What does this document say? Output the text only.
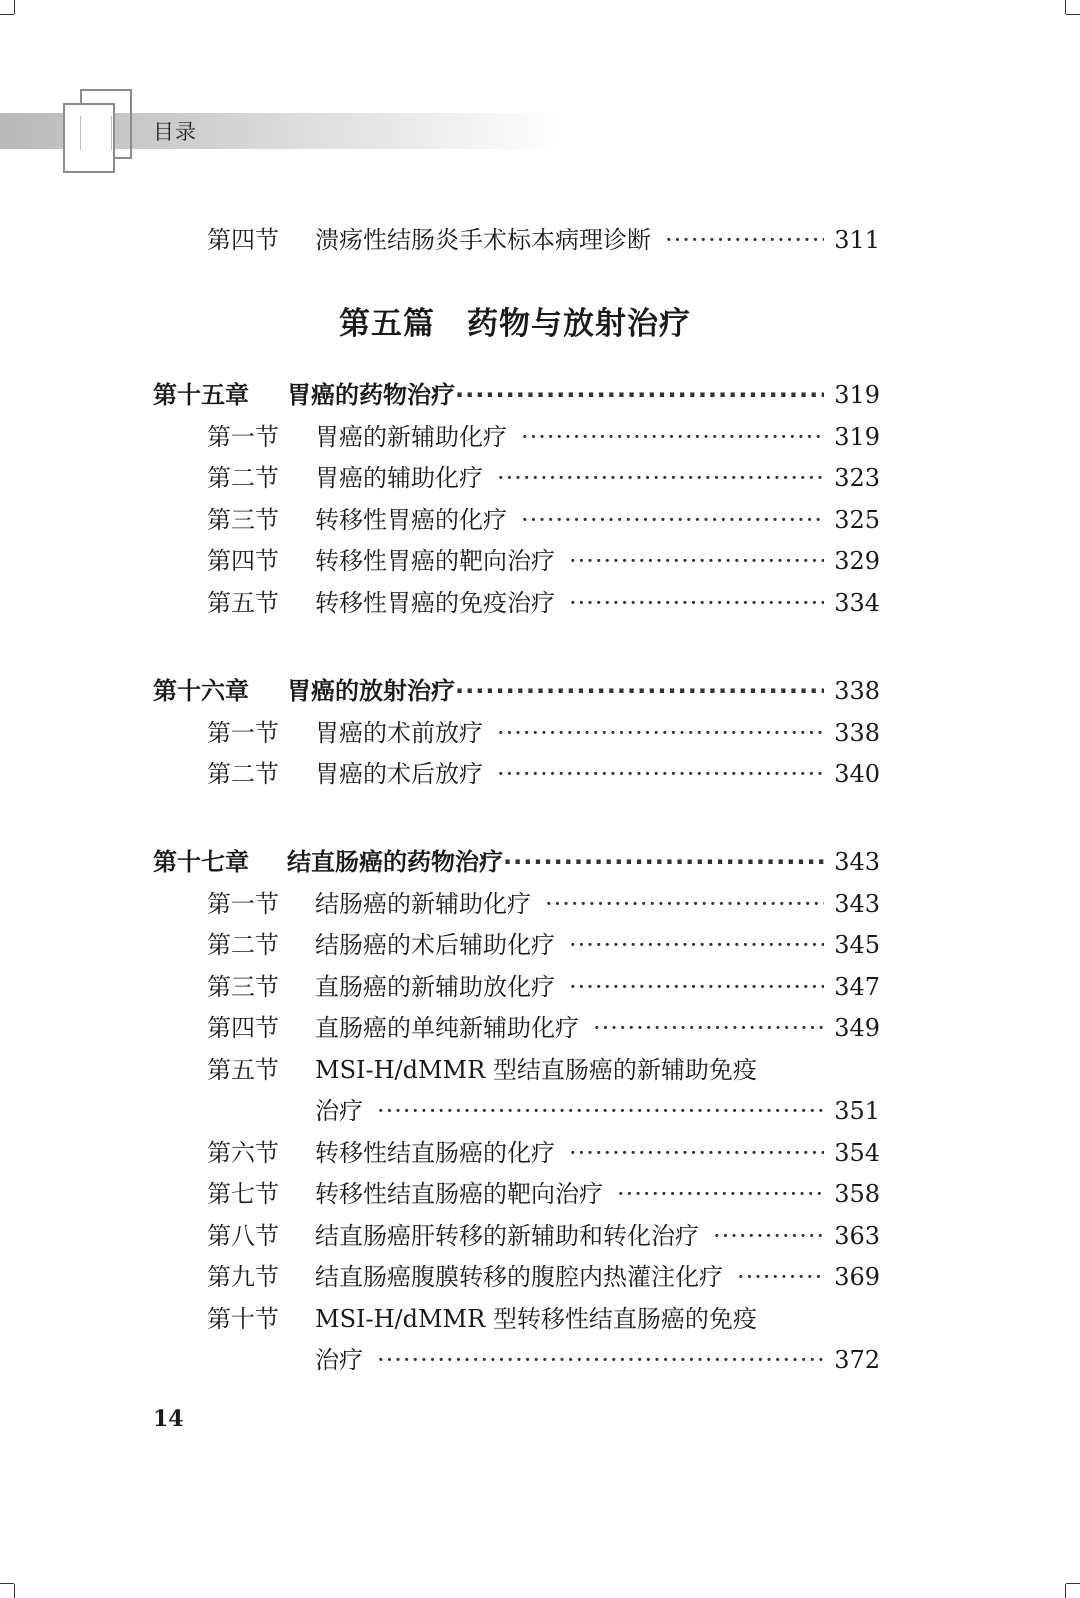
目录
第四节	溃疡性结肠炎手术标本病理诊断 ·····	311
第五篇　药物与放射治疗
第十五章	胃癌的药物治疗 ·····	319
第一节	胃癌的新辅助化疗 ·····	319
第二节	胃癌的辅助化疗 ·····	323
第三节	转移性胃癌的化疗 ·····	325
第四节	转移性胃癌的靶向治疗 ·····	329
第五节	转移性胃癌的免疫治疗 ·····	334
第十六章	胃癌的放射治疗 ·····	338
第一节	胃癌的术前放疗 ·····	338
第二节	胃癌的术后放疗 ·····	340
第十七章	结直肠癌的药物治疗 ·····	343
第一节	结肠癌的新辅助化疗 ·····	343
第二节	结肠癌的术后辅助化疗 ·····	345
第三节	直肠癌的新辅助放化疗 ·····	347
第四节	直肠癌的单纯新辅助化疗 ·····	349
第五节	MSI-H/dMMR 型结直肠癌的新辅助免疫
治疗 ·····	351
第六节	转移性结直肠癌的化疗 ·····	354
第七节	转移性结直肠癌的靶向治疗 ·····	358
第八节	结直肠癌肝转移的新辅助和转化治疗 ·····	363
第九节	结直肠癌腹膜转移的腹腔内热灌注化疗 ·····	369
第十节	MSI-H/dMMR 型转移性结直肠癌的免疫
治疗 ·····	372
14
